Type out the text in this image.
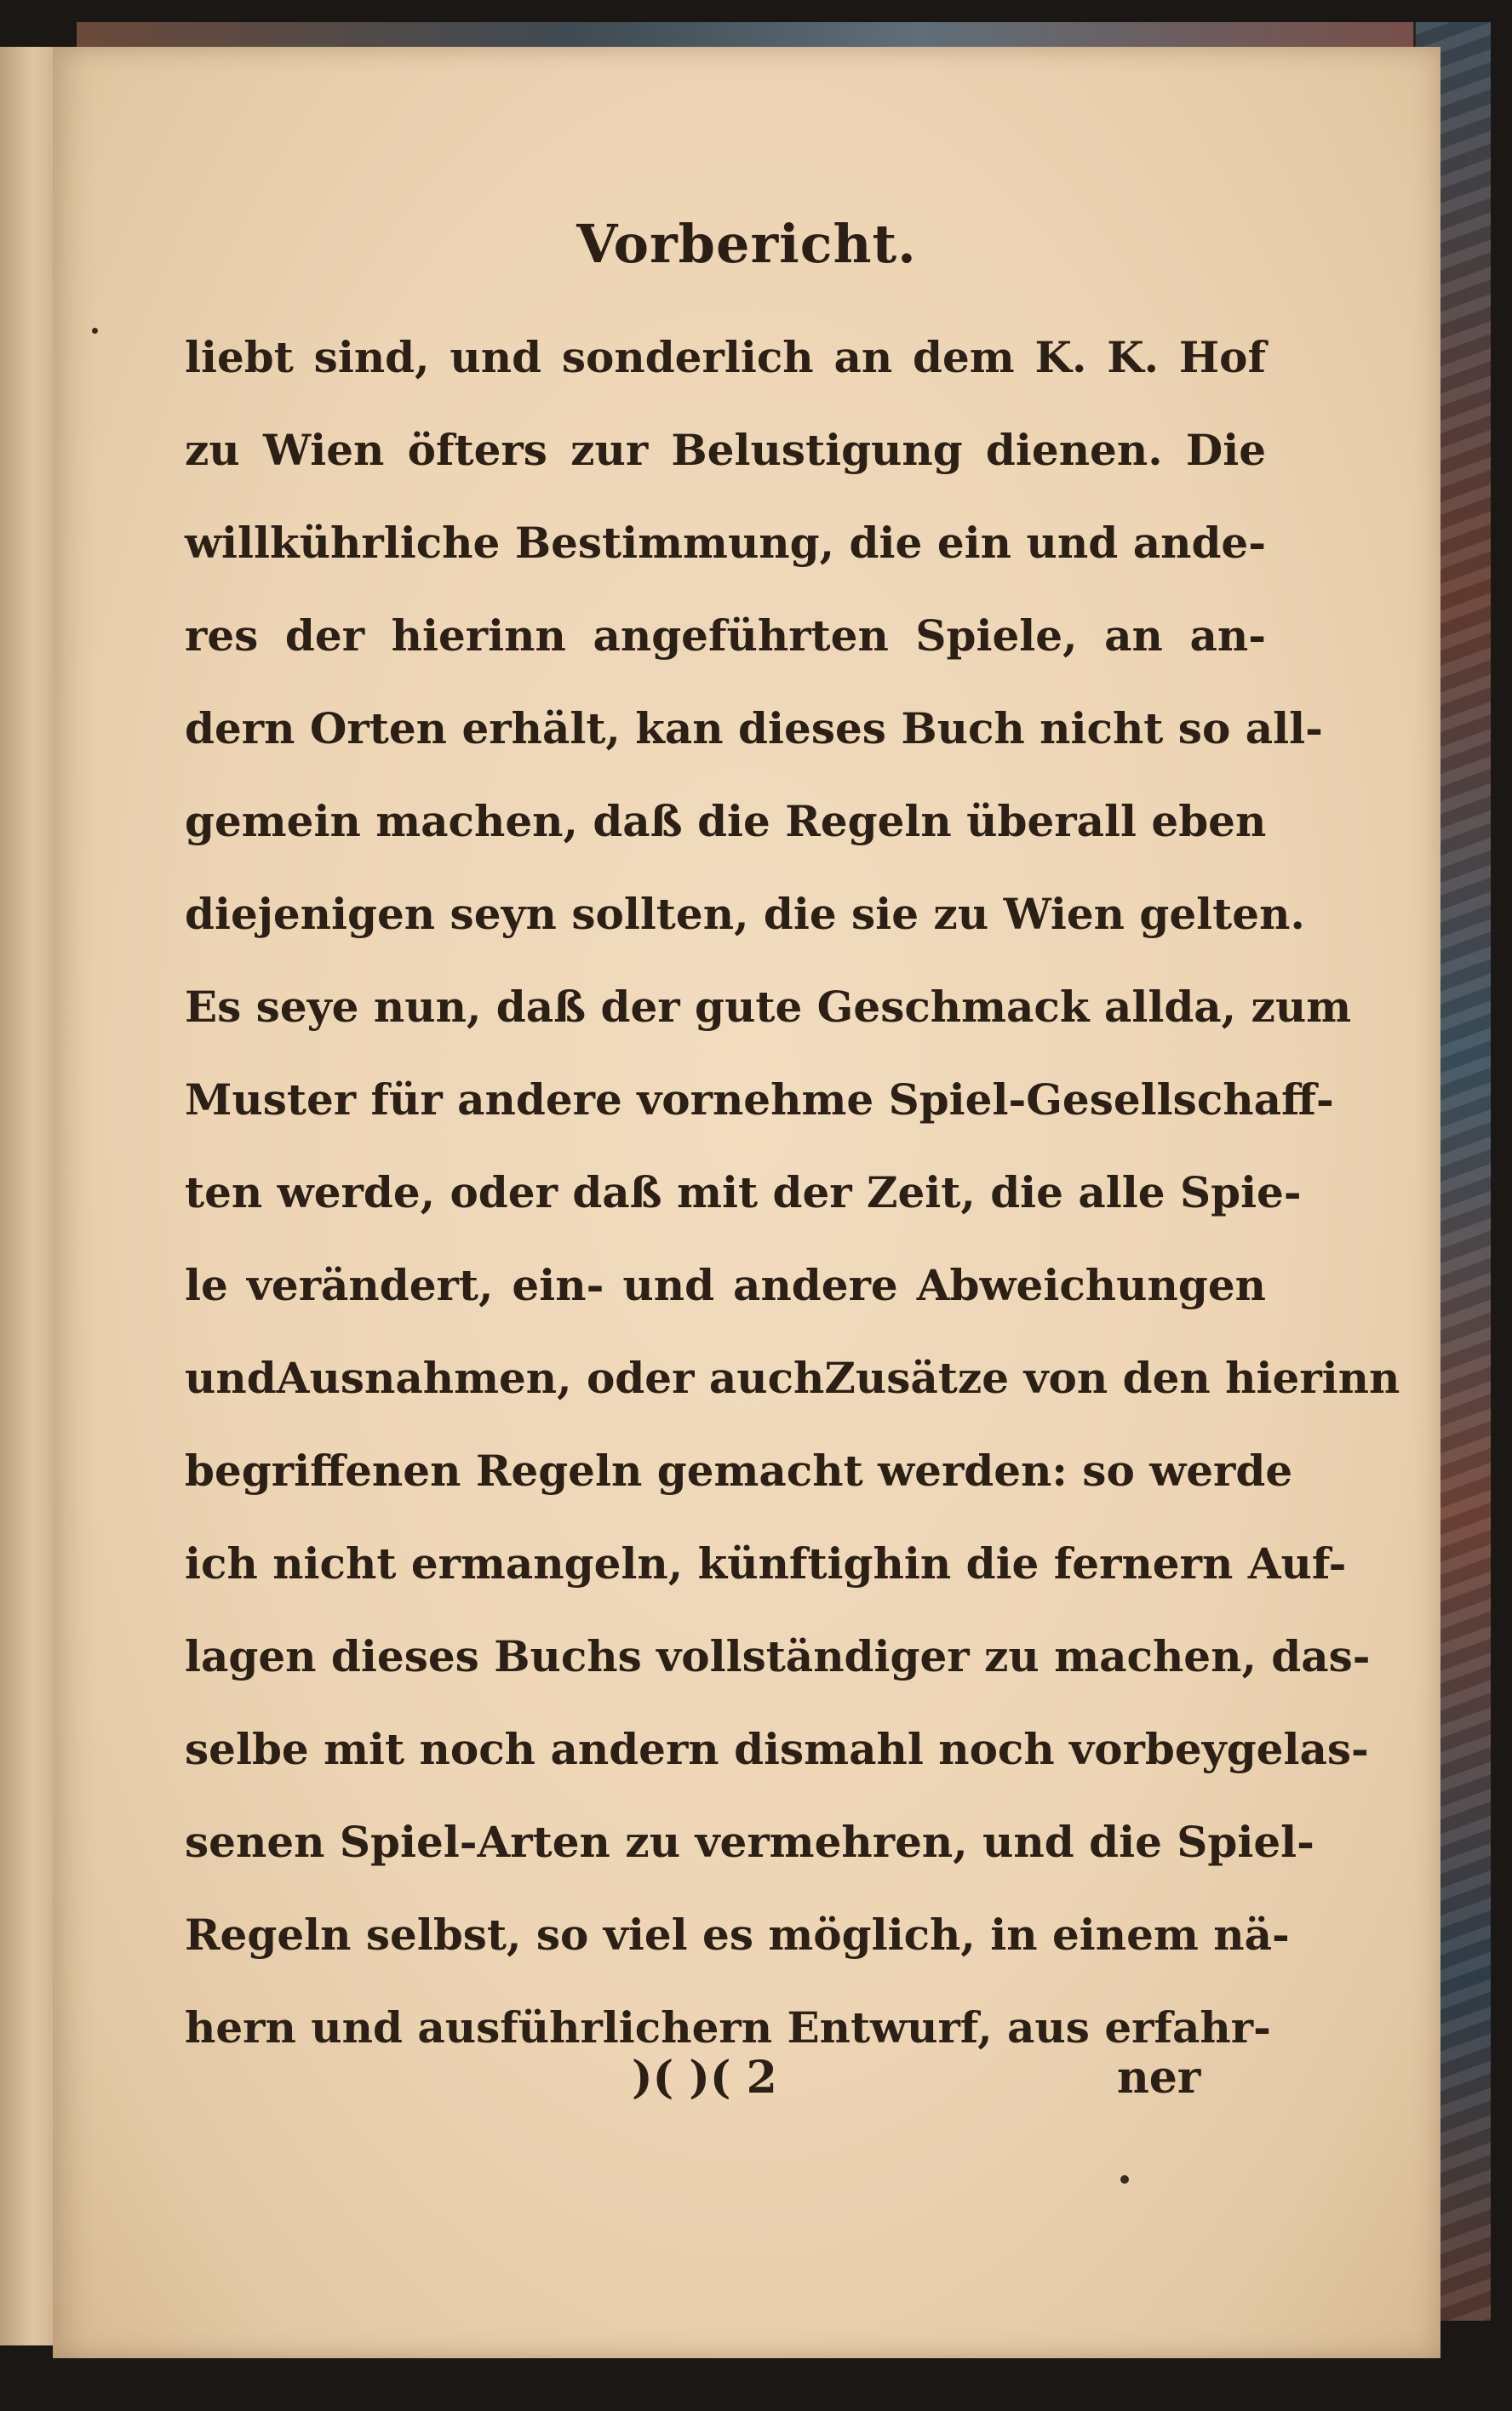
Vorbericht.
liebt sind, und sonderlich an dem K. K. Hof
zu Wien öfters zur Belustigung dienen. Die
willkührliche Bestimmung, die ein und ande-
res der hierinn angeführten Spiele, an an-
dern Orten erhält, kan dieses Buch nicht so all-
gemein machen, daß die Regeln überall eben
diejenigen seyn sollten, die sie zu Wien gelten.
Es seye nun, daß der gute Geschmack allda, zum
Muster für andere vornehme Spiel-Gesellschaff-
ten werde, oder daß mit der Zeit, die alle Spie-
le verändert, ein- und andere Abweichungen
undAusnahmen, oder auchZusätze von den hierinn
begriffenen Regeln gemacht werden: so werde
ich nicht ermangeln, künftighin die fernern Auf-
lagen dieses Buchs vollständiger zu machen, das-
selbe mit noch andern dismahl noch vorbeygelas-
senen Spiel-Arten zu vermehren, und die Spiel-
Regeln selbst, so viel es möglich, in einem nä-
hern und ausführlichern Entwurf, aus erfahr-
)( )( 2	ner
